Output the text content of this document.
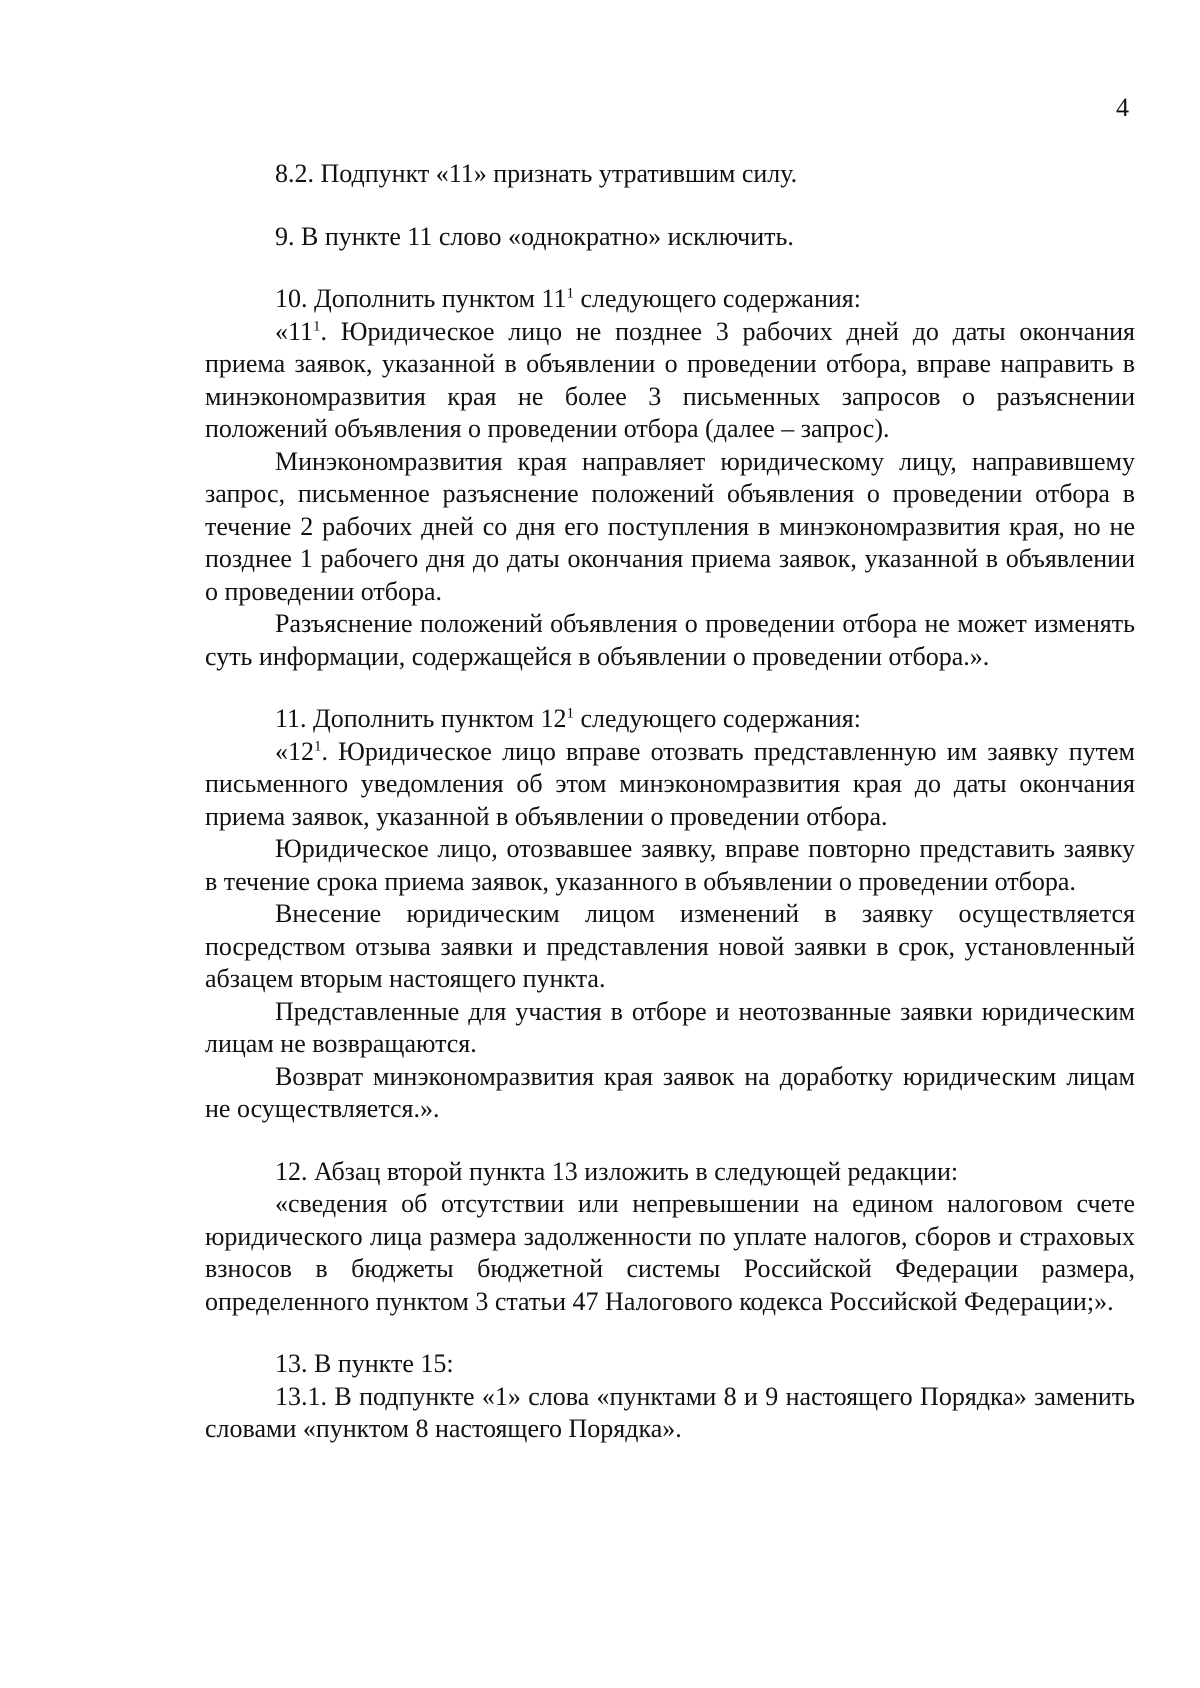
4

8.2. Подпункт «11» признать утратившим силу.

9. В пункте 11 слово «однократно» исключить.

10. Дополнить пунктом $11^1$ следующего содержания:

«$11^1$. Юридическое лицо не позднее 3 рабочих дней до даты окончания приема заявок, указанной в объявлении о проведении отбора, вправе направить в минэкономразвития края не более 3 письменных запросов о разъяснении положений объявления о проведении отбора (далее – запрос).

Минэкономразвития края направляет юридическому лицу, направившему запрос, письменное разъяснение положений объявления о проведении отбора в течение 2 рабочих дней со дня его поступления в минэкономразвития края, но не позднее 1 рабочего дня до даты окончания приема заявок, указанной в объявлении о проведении отбора.

Разъяснение положений объявления о проведении отбора не может изменять суть информации, содержащейся в объявлении о проведении отбора.».

11. Дополнить пунктом $12^1$ следующего содержания:

«$12^1$. Юридическое лицо вправе отозвать представленную им заявку путем письменного уведомления об этом минэкономразвития края до даты окончания приема заявок, указанной в объявлении о проведении отбора.

Юридическое лицо, отозвавшее заявку, вправе повторно представить заявку в течение срока приема заявок, указанного в объявлении о проведении отбора.

Внесение юридическим лицом изменений в заявку осуществляется посредством отзыва заявки и представления новой заявки в срок, установленный абзацем вторым настоящего пункта.

Представленные для участия в отборе и неотозванные заявки юридическим лицам не возвращаются.

Возврат минэкономразвития края заявок на доработку юридическим лицам не осуществляется.».

12. Абзац второй пункта 13 изложить в следующей редакции:

«сведения об отсутствии или непревышении на едином налоговом счете юридического лица размера задолженности по уплате налогов, сборов и страховых взносов в бюджеты бюджетной системы Российской Федерации размера, определенного пунктом 3 статьи 47 Налогового кодекса Российской Федерации;».

13. В пункте 15:

13.1. В подпункте «1» слова «пунктами 8 и 9 настоящего Порядка» заменить словами «пунктом 8 настоящего Порядка».
